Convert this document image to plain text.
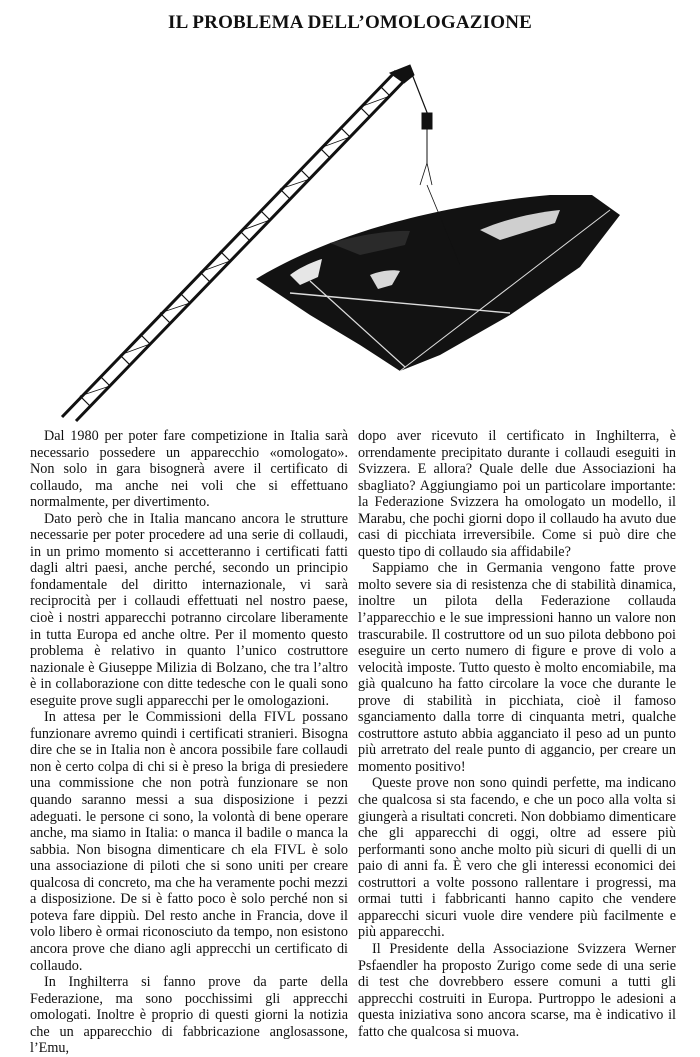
IL PROBLEMA DELL’OMOLOGAZIONE

Dal 1980 per poter fare competizione in Italia sarà necessario possedere un apparecchio «omologato». Non solo in gara bisognerà avere il certificato di collaudo, ma anche nei voli che si effettuano normalmente, per divertimento.

Dato però che in Italia mancano ancora le strutture necessarie per poter procedere ad una serie di collaudi, in un primo momento si accetteranno i certificati fatti dagli altri paesi, anche perché, secondo un principio fondamentale del diritto internazionale, vi sarà reciprocità per i collaudi effettuati nel nostro paese, cioè i nostri apparecchi potranno circolare liberamente in tutta Europa ed anche oltre. Per il momento questo problema è relativo in quanto l’unico costruttore nazionale è Giuseppe Milizia di Bolzano, che tra l’altro è in collaborazione con ditte tedesche con le quali sono eseguite prove sugli apparecchi per le omologazioni.

In attesa per le Commissioni della FIVL possano funzionare avremo quindi i certificati stranieri. Bisogna dire che se in Italia non è ancora possibile fare collaudi non è certo colpa di chi si è preso la briga di presiedere una commissione che non potrà funzionare se non quando saranno messi a sua disposizione i pezzi adeguati. le persone ci sono, la volontà di bene operare anche, ma siamo in Italia: o manca il badile o manca la sabbia. Non bisogna dimenticare ch ela FIVL è solo una associazione di piloti che si sono uniti per creare qualcosa di concreto, ma che ha veramente pochi mezzi a disposizione. De si è fatto poco è solo perché non si poteva fare dippiù. Del resto anche in Francia, dove il volo libero è ormai riconosciuto da tempo, non esistono ancora prove che diano agli apprecchi un certificato di collaudo.

In Inghilterra si fanno prove da parte della Federazione, ma sono pocchissimi gli apprecchi omologati. Inoltre è proprio di questi giorni la notizia che un apparecchio di fabbricazione anglosassone, l’Emu,

dopo aver ricevuto il certificato in Inghilterra, è orrendamente precipitato durante i collaudi eseguiti in Svizzera. E allora? Quale delle due Associazioni ha sbagliato? Aggiungiamo poi un particolare importante: la Federazione Svizzera ha omologato un modello, il Marabu, che pochi giorni dopo il collaudo ha avuto due casi di picchiata irreversibile. Come si può dire che questo tipo di collaudo sia affidabile?

Sappiamo che in Germania vengono fatte prove molto severe sia di resistenza che di stabilità dinamica, inoltre un pilota della Federazione collauda l’apparecchio e le sue impressioni hanno un valore non trascurabile. Il costruttore od un suo pilota debbono poi eseguire un certo numero di figure e prove di volo a velocità imposte. Tutto questo è molto encomiabile, ma già qualcuno ha fatto circolare la voce che durante le prove di stabilità in picchiata, cioè il famoso sganciamento dalla torre di cinquanta metri, qualche costruttore astuto abbia agganciato il peso ad un punto più arretrato del reale punto di aggancio, per creare un momento positivo!

Queste prove non sono quindi perfette, ma indicano che qualcosa si sta facendo, e che un poco alla volta si giungerà a risultati concreti. Non dobbiamo dimenticare che gli apparecchi di oggi, oltre ad essere più performanti sono anche molto più sicuri di quelli di un paio di anni fa. È vero che gli interessi economici dei costruttori a volte possono rallentare i progressi, ma ormai tutti i fabbricanti hanno capito che vendere apparecchi sicuri vuole dire vendere più facilmente e più apparecchi.

Il Presidente della Associazione Svizzera Werner Psfaendler ha proposto Zurigo come sede di una serie di test che dovrebbero essere comuni a tutti gli apprecchi costruiti in Europa. Purtroppo le adesioni a questa iniziativa sono ancora scarse, ma è indicativo il fatto che qualcosa si muova.
